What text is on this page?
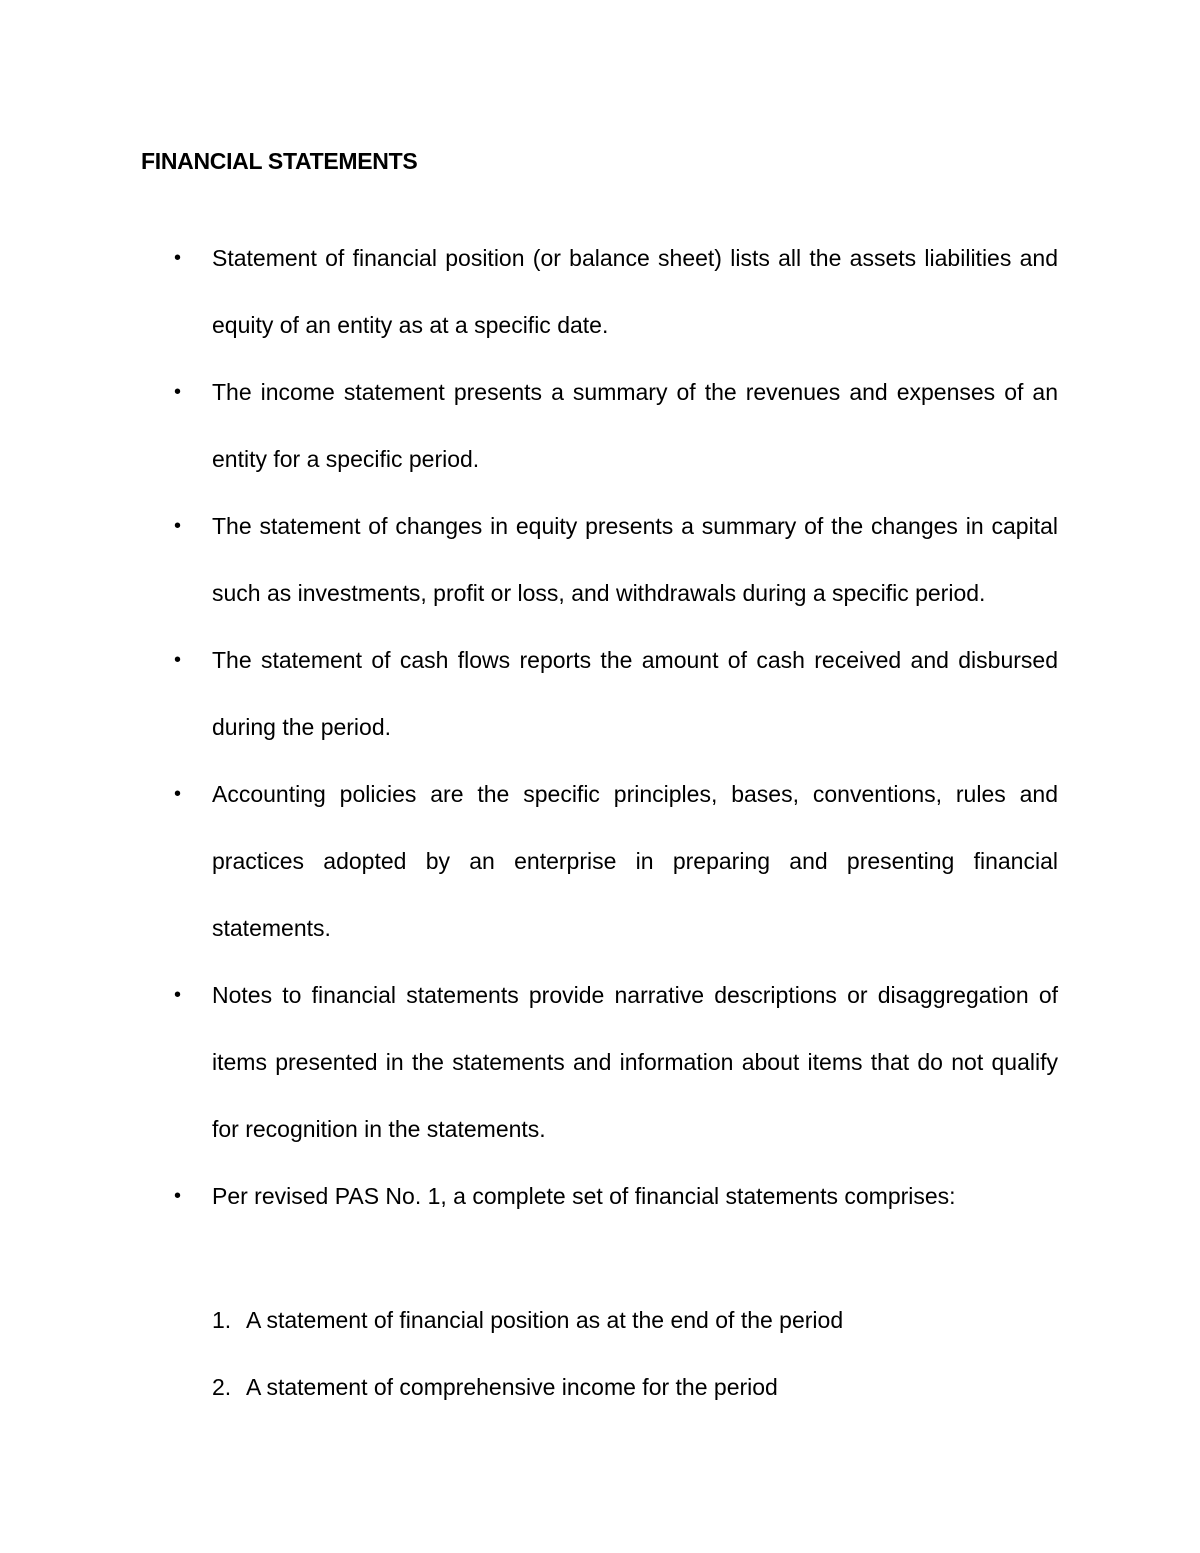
FINANCIAL STATEMENTS
• Statement of financial position (or balance sheet) lists all the assets liabilities and equity of an entity as at a specific date.
• The income statement presents a summary of the revenues and expenses of an entity for a specific period.
• The statement of changes in equity presents a summary of the changes in capital such as investments, profit or loss, and withdrawals during a specific period.
• The statement of cash flows reports the amount of cash received and disbursed during the period.
• Accounting policies are the specific principles, bases, conventions, rules and practices adopted by an enterprise in preparing and presenting financial statements.
• Notes to financial statements provide narrative descriptions or disaggregation of items presented in the statements and information about items that do not qualify for recognition in the statements.
• Per revised PAS No. 1, a complete set of financial statements comprises:
1. A statement of financial position as at the end of the period
2. A statement of comprehensive income for the period
